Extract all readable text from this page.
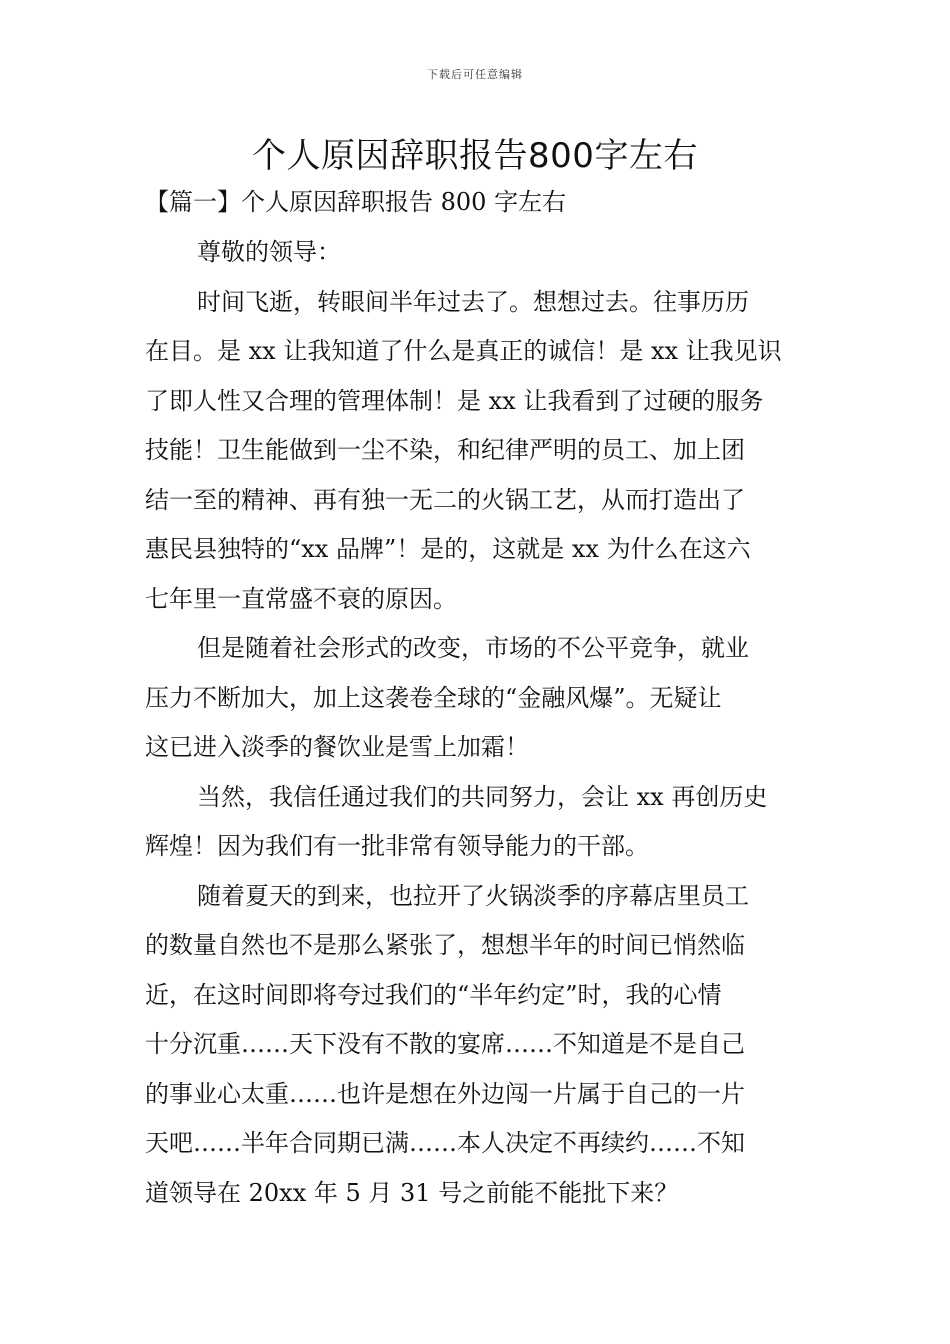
下载后可任意编辑
个人原因辞职报告800字左右
【篇一】个人原因辞职报告 800 字左右

尊敬的领导：

时间飞逝，转眼间半年过去了。想想过去。往事历历
在目。是 xx 让我知道了什么是真正的诚信！是 xx 让我见识
了即人性又合理的管理体制！是 xx 让我看到了过硬的服务
技能！卫生能做到一尘不染，和纪律严明的员工、加上团
结一至的精神、再有独一无二的火锅工艺，从而打造出了
惠民县独特的“xx 品牌”！是的，这就是 xx 为什么在这六
七年里一直常盛不衰的原因。

但是随着社会形式的改变，市场的不公平竞争，就业
压力不断加大，加上这袭卷全球的“金融风爆”。无疑让
这已进入淡季的餐饮业是雪上加霜！

当然，我信任通过我们的共同努力，会让 xx 再创历史
辉煌！因为我们有一批非常有领导能力的干部。

随着夏天的到来，也拉开了火锅淡季的序幕店里员工
的数量自然也不是那么紧张了，想想半年的时间已悄然临
近，在这时间即将夸过我们的“半年约定”时，我的心情
十分沉重……天下没有不散的宴席……不知道是不是自己
的事业心太重……也许是想在外边闯一片属于自己的一片
天吧……半年合同期已满……本人决定不再续约……不知
道领导在 20xx 年 5 月 31 号之前能不能批下来？
